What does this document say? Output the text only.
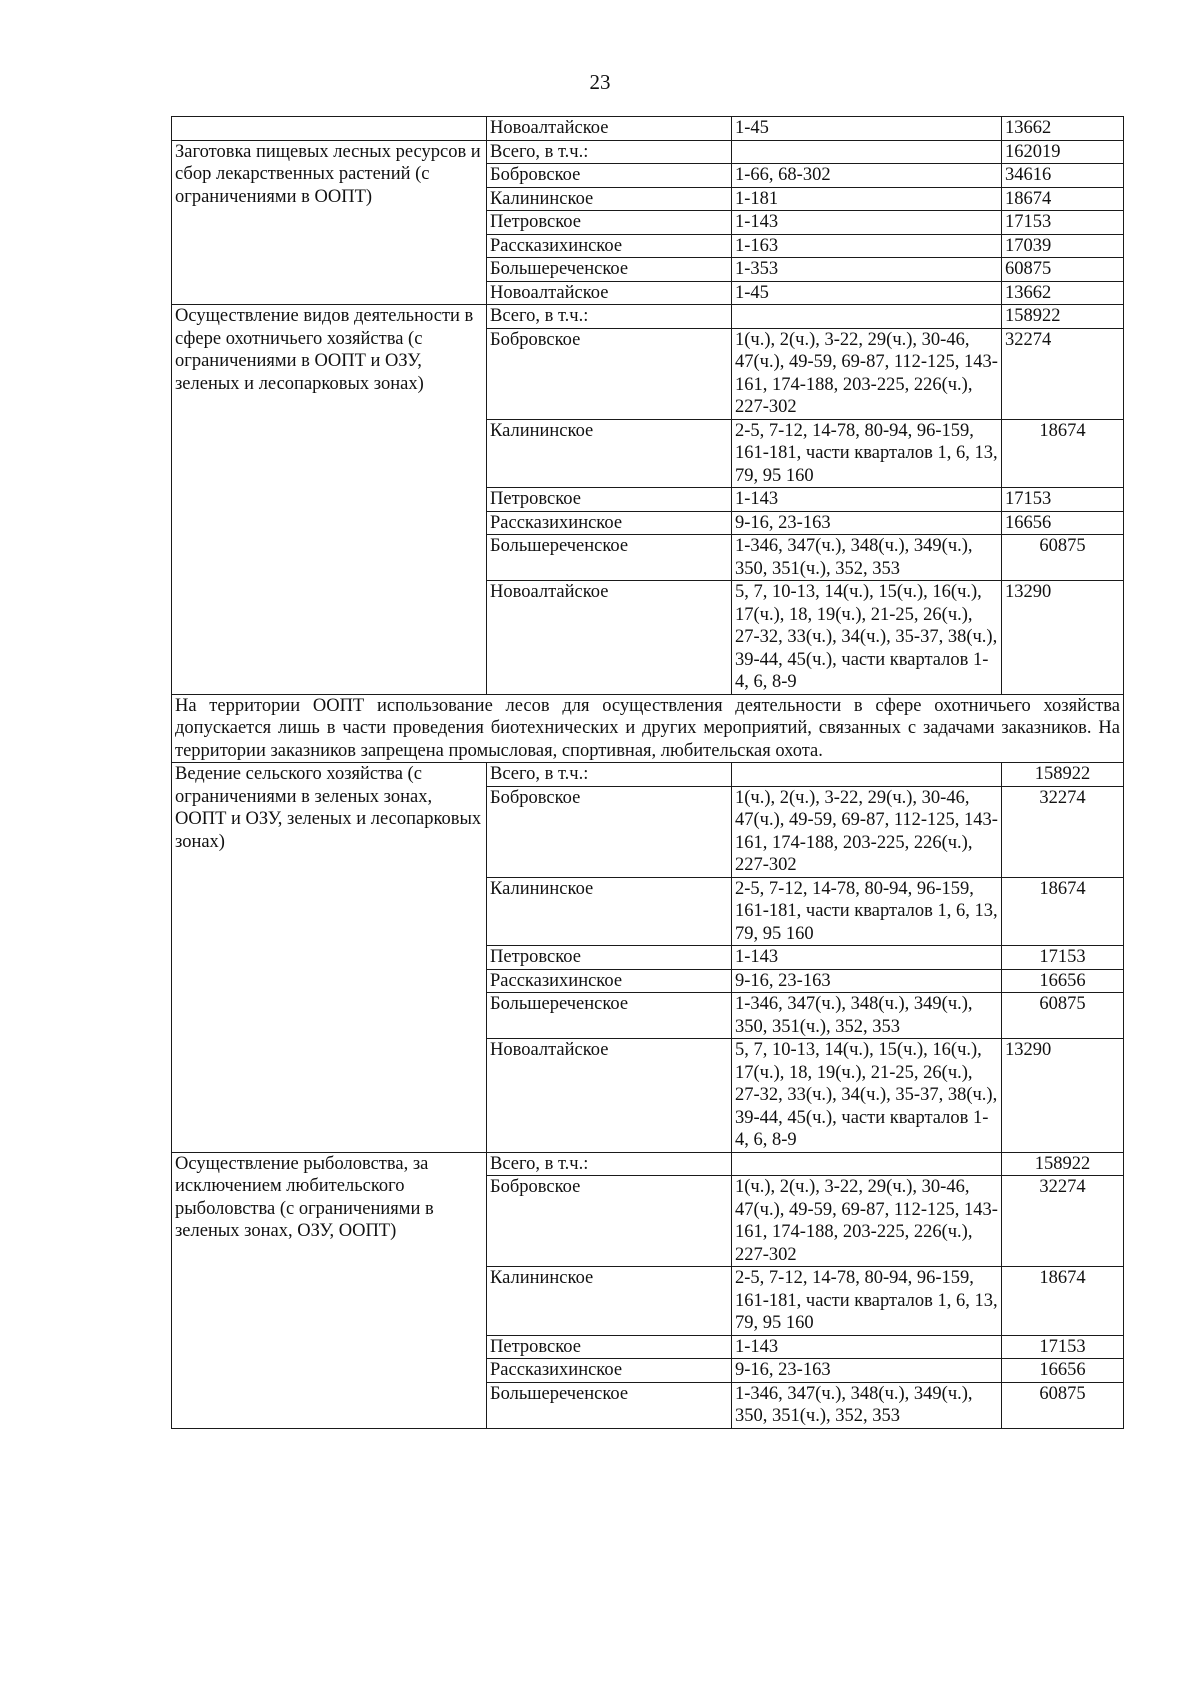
23
	Новоалтайское	1-45	13662
Заготовка пищевых лесных ресурсов и сбор лекарственных растений (с ограничениями в ООПТ)	Всего, в т.ч.:		162019
	Бобровское	1-66, 68-302	34616
	Калининское	1-181	18674
	Петровское	1-143	17153
	Рассказихинское	1-163	17039
	Большереченское	1-353	60875
	Новоалтайское	1-45	13662
Осуществление видов деятельности в сфере охотничьего хозяйства (с ограничениями в ООПТ и ОЗУ, зеленых и лесопарковых зонах)	Всего, в т.ч.:		158922
	Бобровское	1(ч.), 2(ч.), 3-22, 29(ч.), 30-46, 47(ч.), 49-59, 69-87, 112-125, 143-161, 174-188, 203-225, 226(ч.), 227-302	32274
	Калининское	2-5, 7-12, 14-78, 80-94, 96-159, 161-181, части кварталов 1, 6, 13, 79, 95 160	18674
	Петровское	1-143	17153
	Рассказихинское	9-16, 23-163	16656
	Большереченское	1-346, 347(ч.), 348(ч.), 349(ч.), 350, 351(ч.), 352, 353	60875
	Новоалтайское	5, 7, 10-13, 14(ч.), 15(ч.), 16(ч.), 17(ч.), 18, 19(ч.), 21-25, 26(ч.), 27-32, 33(ч.), 34(ч.), 35-37, 38(ч.), 39-44, 45(ч.), части кварталов 1-4, 6, 8-9	13290
На территории ООПТ использование лесов для осуществления деятельности в сфере охотничьего хозяйства допускается лишь в части проведения биотехнических и других мероприятий, связанных с задачами заказников. На территории заказников запрещена промысловая, спортивная, любительская охота.			
Ведение сельского хозяйства (с ограничениями в зеленых зонах, ООПТ и ОЗУ, зеленых и лесопарковых зонах)	Всего, в т.ч.:		158922
	Бобровское	1(ч.), 2(ч.), 3-22, 29(ч.), 30-46, 47(ч.), 49-59, 69-87, 112-125, 143-161, 174-188, 203-225, 226(ч.), 227-302	32274
	Калининское	2-5, 7-12, 14-78, 80-94, 96-159, 161-181, части кварталов 1, 6, 13, 79, 95 160	18674
	Петровское	1-143	17153
	Рассказихинское	9-16, 23-163	16656
	Большереченское	1-346, 347(ч.), 348(ч.), 349(ч.), 350, 351(ч.), 352, 353	60875
	Новоалтайское	5, 7, 10-13, 14(ч.), 15(ч.), 16(ч.), 17(ч.), 18, 19(ч.), 21-25, 26(ч.), 27-32, 33(ч.), 34(ч.), 35-37, 38(ч.), 39-44, 45(ч.), части кварталов 1-4, 6, 8-9	13290
Осуществление рыболовства, за исключением любительского рыболовства (с ограничениями в зеленых зонах, ОЗУ, ООПТ)	Всего, в т.ч.:		158922
	Бобровское	1(ч.), 2(ч.), 3-22, 29(ч.), 30-46, 47(ч.), 49-59, 69-87, 112-125, 143-161, 174-188, 203-225, 226(ч.), 227-302	32274
	Калининское	2-5, 7-12, 14-78, 80-94, 96-159, 161-181, части кварталов 1, 6, 13, 79, 95 160	18674
	Петровское	1-143	17153
	Рассказихинское	9-16, 23-163	16656
	Большереченское	1-346, 347(ч.), 348(ч.), 349(ч.), 350, 351(ч.), 352, 353	60875
